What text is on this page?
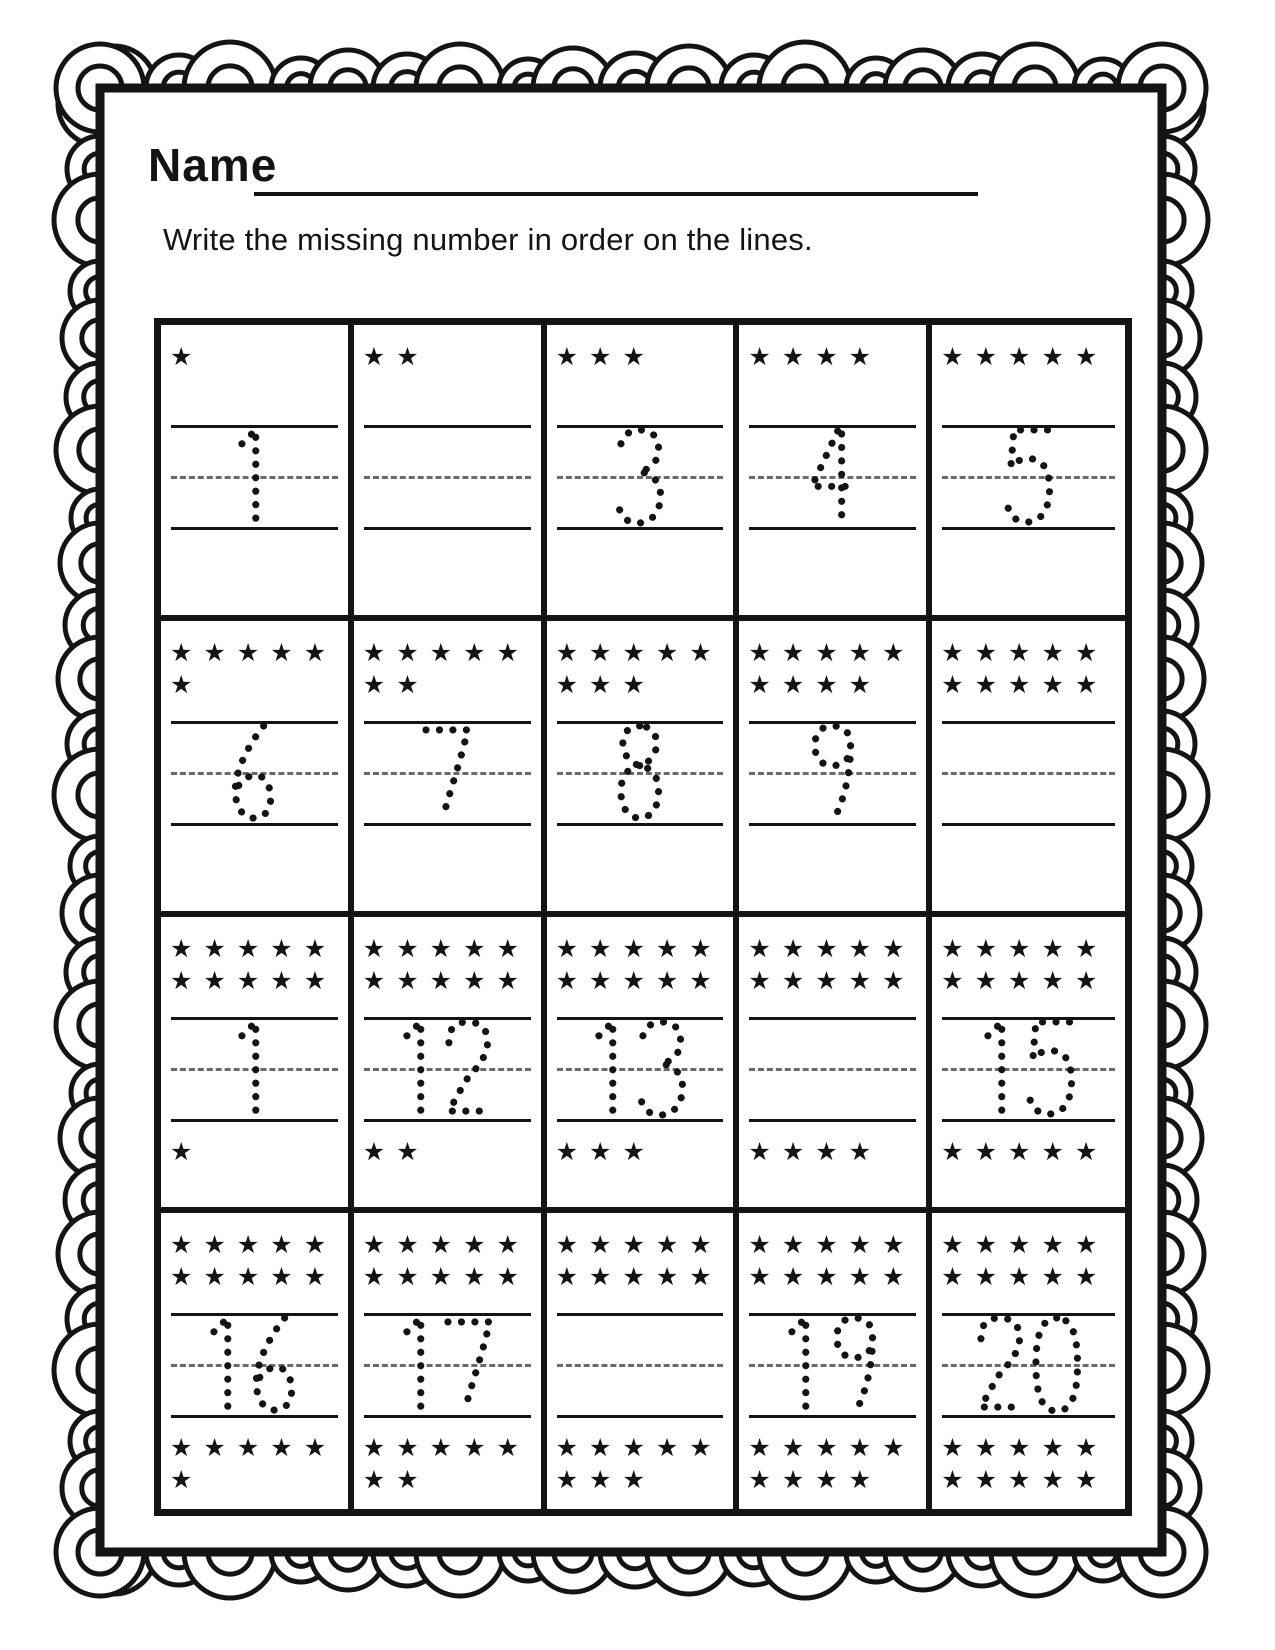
Name
Write the missing number in order on the lines.
★	★ ★	★ ★ ★	★ ★ ★ ★	★ ★ ★ ★ ★
★ ★ ★ ★ ★
★
★ ★ ★ ★ ★
★ ★
★ ★ ★ ★ ★
★ ★ ★
★ ★ ★ ★ ★
★ ★ ★ ★
★ ★ ★ ★ ★
★ ★ ★ ★ ★
★ ★ ★ ★ ★
★ ★ ★ ★ ★
★
★ ★ ★ ★ ★
★ ★ ★ ★ ★
★ ★
★ ★ ★ ★ ★
★ ★ ★ ★ ★
★ ★ ★
★ ★ ★ ★ ★
★ ★ ★ ★ ★
★ ★ ★ ★
★ ★ ★ ★ ★
★ ★ ★ ★ ★
★ ★ ★ ★ ★
★ ★ ★ ★ ★
★ ★ ★ ★ ★
★ ★ ★ ★ ★
★
★ ★ ★ ★ ★
★ ★ ★ ★ ★
★ ★ ★ ★ ★
★ ★
★ ★ ★ ★ ★
★ ★ ★ ★ ★
★ ★ ★ ★ ★
★ ★ ★
★ ★ ★ ★ ★
★ ★ ★ ★ ★
★ ★ ★ ★ ★
★ ★ ★ ★
★ ★ ★ ★ ★
★ ★ ★ ★ ★
★ ★ ★ ★ ★
★ ★ ★ ★ ★
